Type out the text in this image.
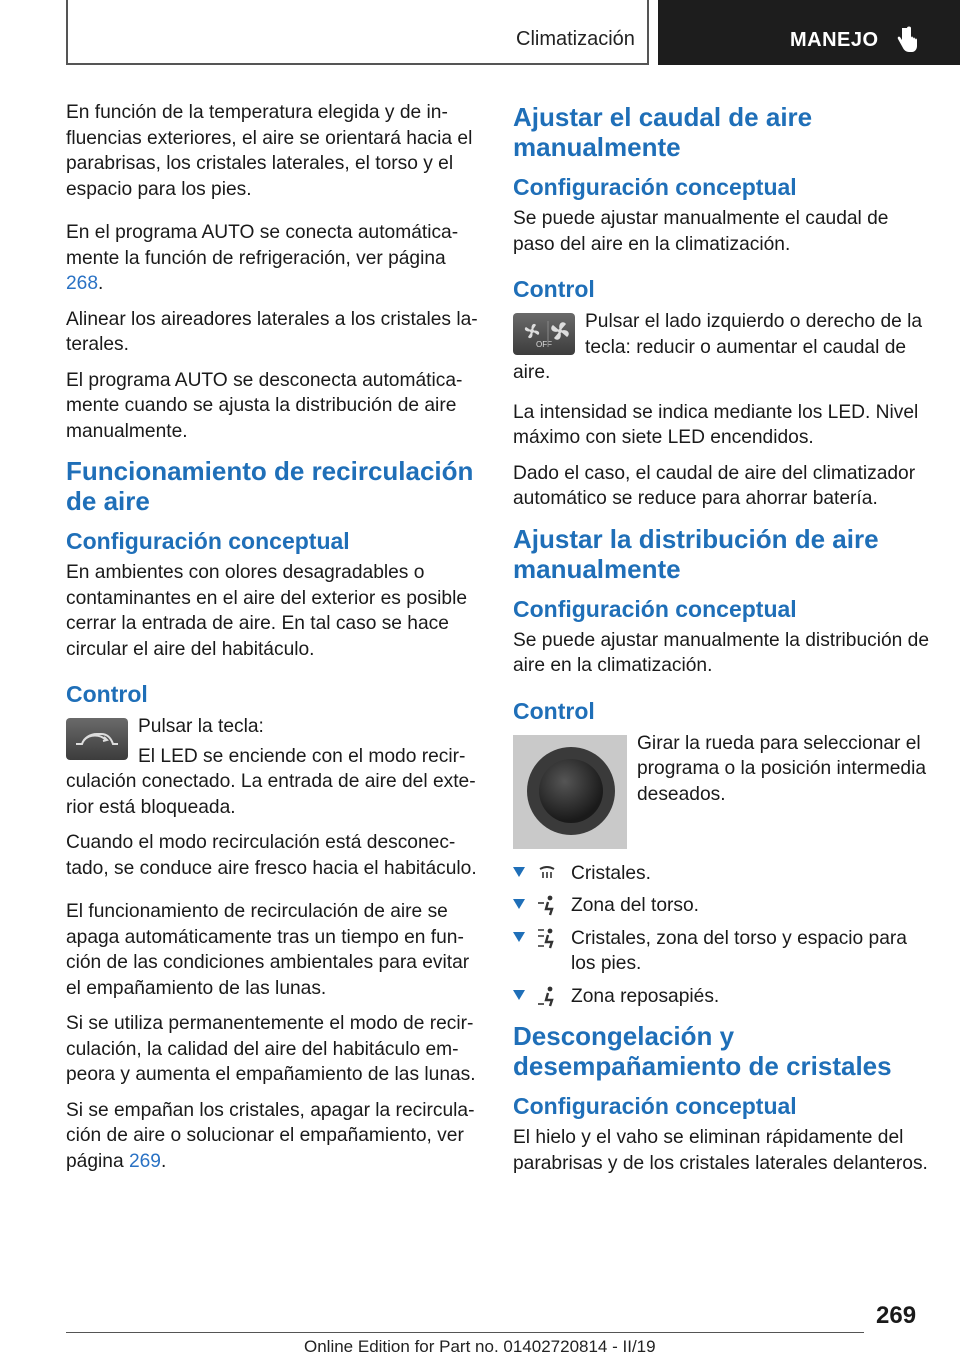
Climatización	MANEJO

En función de la temperatura elegida y de influencias exteriores, el aire se orientará hacia el parabrisas, los cristales laterales, el torso y el espacio para los pies.

En el programa AUTO se conecta automáticamente la función de refrigeración, ver página 268.

Alinear los aireadores laterales a los cristales laterales.

El programa AUTO se desconecta automáticamente cuando se ajusta la distribución de aire manualmente.

Funcionamiento de recirculación de aire
Configuración conceptual

En ambientes con olores desagradables o contaminantes en el aire del exterior es posible cerrar la entrada de aire. En tal caso se hace circular el aire del habitáculo.

Control

Pulsar la tecla:

El LED se enciende con el modo recirculación conectado. La entrada de aire del exterior está bloqueada.

Cuando el modo recirculación está desconectado, se conduce aire fresco hacia el habitáculo.

El funcionamiento de recirculación de aire se apaga automáticamente tras un tiempo en función de las condiciones ambientales para evitar el empañamiento de las lunas.

Si se utiliza permanentemente el modo de recirculación, la calidad del aire del habitáculo empeora y aumenta el empañamiento de las lunas.

Si se empañan los cristales, apagar la recirculación de aire o solucionar el empañamiento, ver página 269.

Ajustar el caudal de aire manualmente
Configuración conceptual

Se puede ajustar manualmente el caudal de paso del aire en la climatización.

Control
OFF

Pulsar el lado izquierdo o derecho de la tecla: reducir o aumentar el caudal de aire.

La intensidad se indica mediante los LED. Nivel máximo con siete LED encendidos.

Dado el caso, el caudal de aire del climatizador automático se reduce para ahorrar batería.

Ajustar la distribución de aire manualmente
Configuración conceptual

Se puede ajustar manualmente la distribución de aire en la climatización.

Control

Girar la rueda para seleccionar el programa o la posición intermedia deseados.

Cristales.
Zona del torso.
Cristales, zona del torso y espacio para los pies.
Zona reposapiés.
Descongelación y desempañamiento de cristales
Configuración conceptual

El hielo y el vaho se eliminan rápidamente del parabrisas y de los cristales laterales delanteros.

269
Online Edition for Part no. 01402720814 - II/19
